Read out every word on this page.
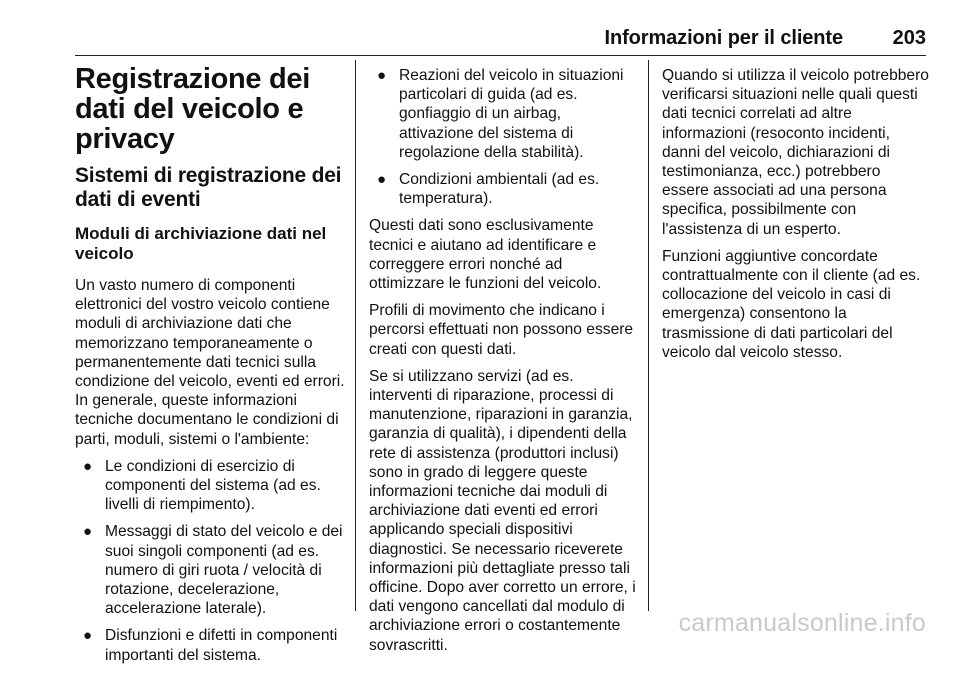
Informazioni per il cliente 203
Registrazione dei dati del veicolo e privacy
Sistemi di registrazione dei dati di eventi
Moduli di archiviazione dati nel veicolo

Un vasto numero di componenti elettronici del vostro veicolo contiene moduli di archiviazione dati che memorizzano temporaneamente o permanentemente dati tecnici sulla condizione del veicolo, eventi ed errori. In generale, queste informazioni tecniche documentano le condizioni di parti, moduli, sistemi o l'ambiente:

● Le condizioni di esercizio di componenti del sistema (ad es. livelli di riempimento).
● Messaggi di stato del veicolo e dei suoi singoli componenti (ad es. numero di giri ruota / velocità di rotazione, decelerazione, accelerazione laterale).
● Disfunzioni e difetti in componenti importanti del sistema.
● Reazioni del veicolo in situazioni particolari di guida (ad es. gonfiaggio di un airbag, attivazione del sistema di regolazione della stabilità).
● Condizioni ambientali (ad es. temperatura).

Questi dati sono esclusivamente tecnici e aiutano ad identificare e correggere errori nonché ad ottimizzare le funzioni del veicolo.

Profili di movimento che indicano i percorsi effettuati non possono essere creati con questi dati.

Se si utilizzano servizi (ad es. interventi di riparazione, processi di manutenzione, riparazioni in garanzia, garanzia di qualità), i dipendenti della rete di assistenza (produttori inclusi) sono in grado di leggere queste informazioni tecniche dai moduli di archiviazione dati eventi ed errori applicando speciali dispositivi diagnostici. Se necessario riceverete informazioni più dettagliate presso tali officine. Dopo aver corretto un errore, i dati vengono cancellati dal modulo di archiviazione errori o costantemente sovrascritti.

Quando si utilizza il veicolo potrebbero verificarsi situazioni nelle quali questi dati tecnici correlati ad altre informazioni (resoconto incidenti, danni del veicolo, dichiarazioni di testimonianza, ecc.) potrebbero essere associati ad una persona specifica, possibilmente con l'assistenza di un esperto.

Funzioni aggiuntive concordate contrattualmente con il cliente (ad es. collocazione del veicolo in casi di emergenza) consentono la trasmissione di dati particolari del veicolo dal veicolo stesso.

carmanualsonline.info
